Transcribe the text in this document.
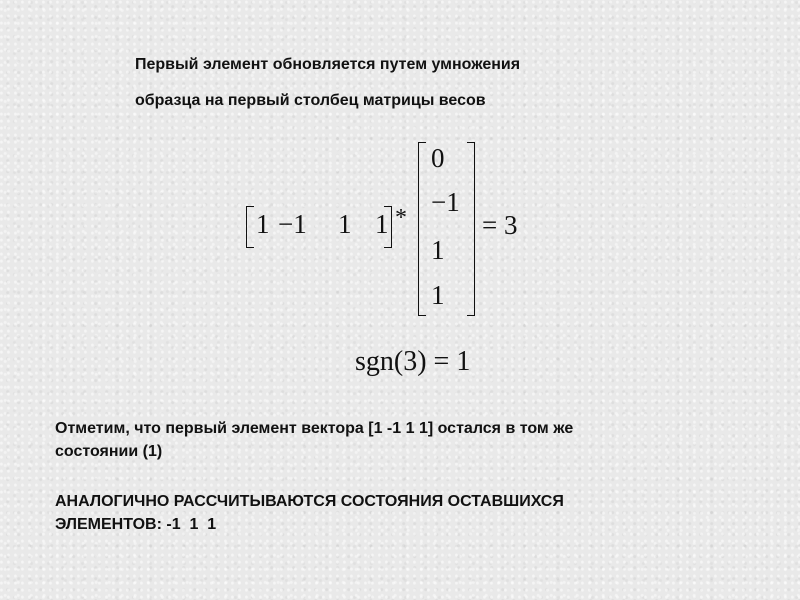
Первый элемент обновляется путем умножения
образца на первый столбец матрицы весов
1 −1 1 1 *
0
−1
1
1
= 3
sgn(3) = 1
Отметим, что первый элемент вектора [1 -1 1 1] остался в том же
состоянии (1)
АНАЛОГИЧНО РАССЧИТЫВАЮТСЯ СОСТОЯНИЯ ОСТАВШИХСЯ
ЭЛЕМЕНТОВ: -1  1  1
